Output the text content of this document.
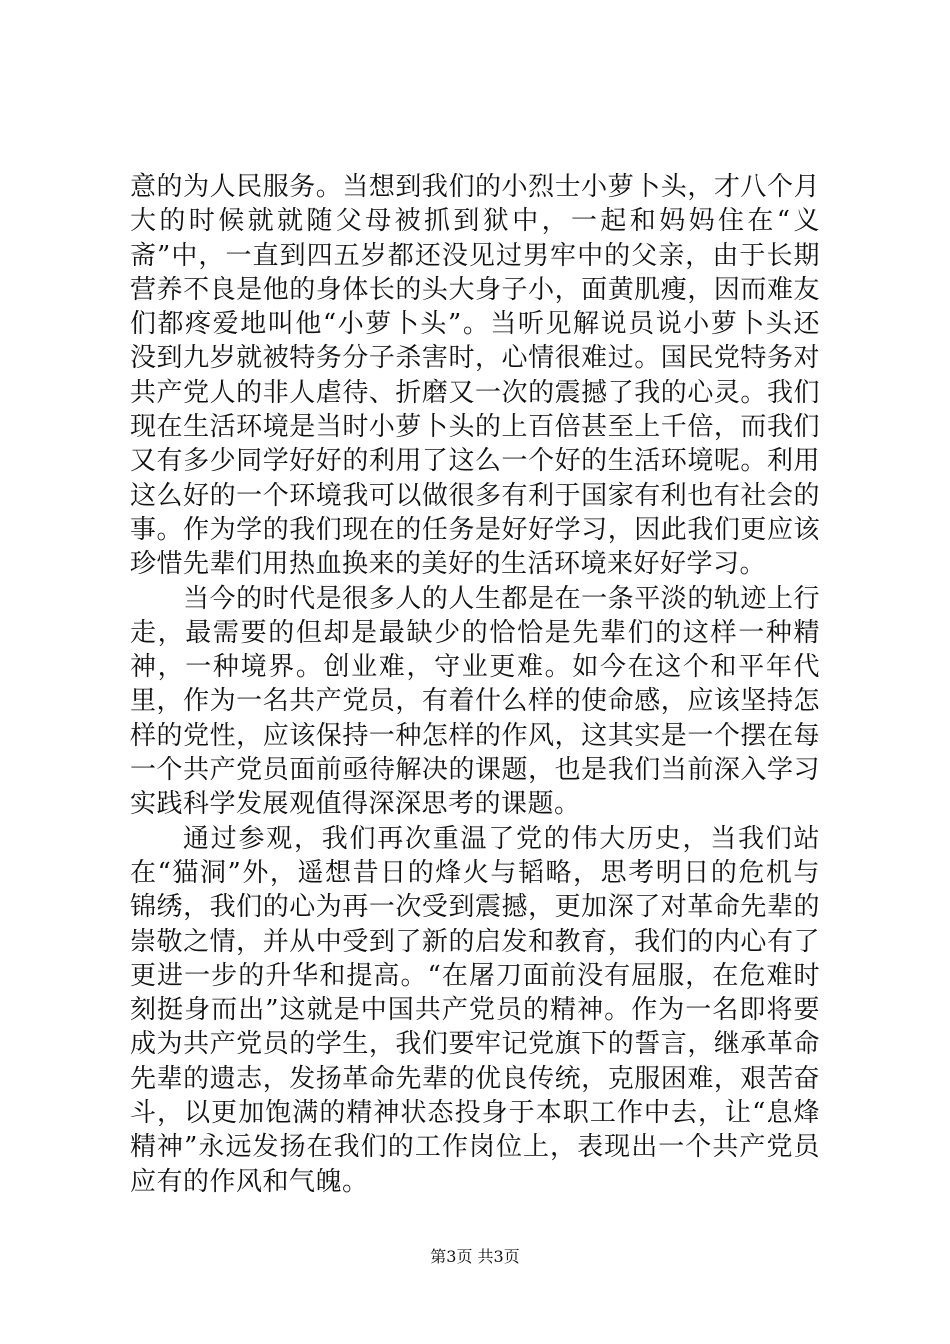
意的为人民服务。当想到我们的小烈士小萝卜头，才八个月大的时候就就随父母被抓到狱中，一起和妈妈住在“义斋”中，一直到四五岁都还没见过男牢中的父亲，由于长期营养不良是他的身体长的头大身子小，面黄肌瘦，因而难友们都疼爱地叫他“小萝卜头”。当听见解说员说小萝卜头还没到九岁就被特务分子杀害时，心情很难过。国民党特务对共产党人的非人虐待、折磨又一次的震撼了我的心灵。我们现在生活环境是当时小萝卜头的上百倍甚至上千倍，而我们又有多少同学好好的利用了这么一个好的生活环境呢。利用这么好的一个环境我可以做很多有利于国家有利也有社会的事。作为学的我们现在的任务是好好学习，因此我们更应该珍惜先辈们用热血换来的美好的生活环境来好好学习。

当今的时代是很多人的人生都是在一条平淡的轨迹上行走，最需要的但却是最缺少的恰恰是先辈们的这样一种精神，一种境界。创业难，守业更难。如今在这个和平年代里，作为一名共产党员，有着什么样的使命感，应该坚持怎样的党性，应该保持一种怎样的作风，这其实是一个摆在每一个共产党员面前亟待解决的课题，也是我们当前深入学习实践科学发展观值得深深思考的课题。

通过参观，我们再次重温了党的伟大历史，当我们站在“猫洞”外，遥想昔日的烽火与韬略，思考明日的危机与锦绣，我们的心为再一次受到震撼，更加深了对革命先辈的崇敬之情，并从中受到了新的启发和教育，我们的内心有了更进一步的升华和提高。“在屠刀面前没有屈服，在危难时刻挺身而出”这就是中国共产党员的精神。作为一名即将要成为共产党员的学生，我们要牢记党旗下的誓言，继承革命先辈的遗志，发扬革命先辈的优良传统，克服困难，艰苦奋斗，以更加饱满的精神状态投身于本职工作中去，让“息烽精神”永远发扬在我们的工作岗位上，表现出一个共产党员应有的作风和气魄。

第3页 共3页
